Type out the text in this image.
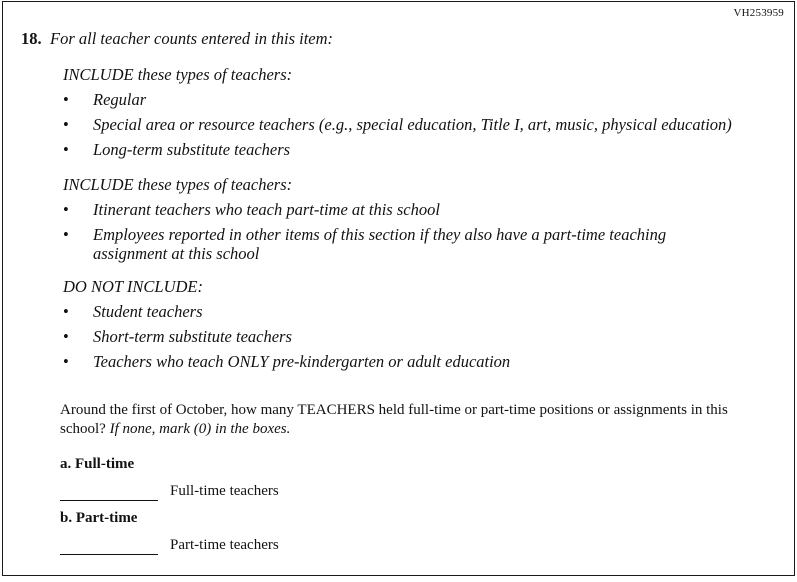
VH253959
18. For all teacher counts entered in this item:
INCLUDE these types of teachers:
•
Regular
•
Special area or resource teachers (e.g., special education, Title I, art, music, physical education)
•
Long-term substitute teachers
INCLUDE these types of teachers:
•
Itinerant teachers who teach part-time at this school
•
Employees reported in other items of this section if they also have a part-time teaching assignment at this school
DO NOT INCLUDE:
•
Student teachers
•
Short-term substitute teachers
•
Teachers who teach ONLY pre-kindergarten or adult education
Around the first of October, how many TEACHERS held full-time or part-time positions or assignments in this school? If none, mark (0) in the boxes.
a. Full-time
Full-time teachers
b. Part-time
Part-time teachers
